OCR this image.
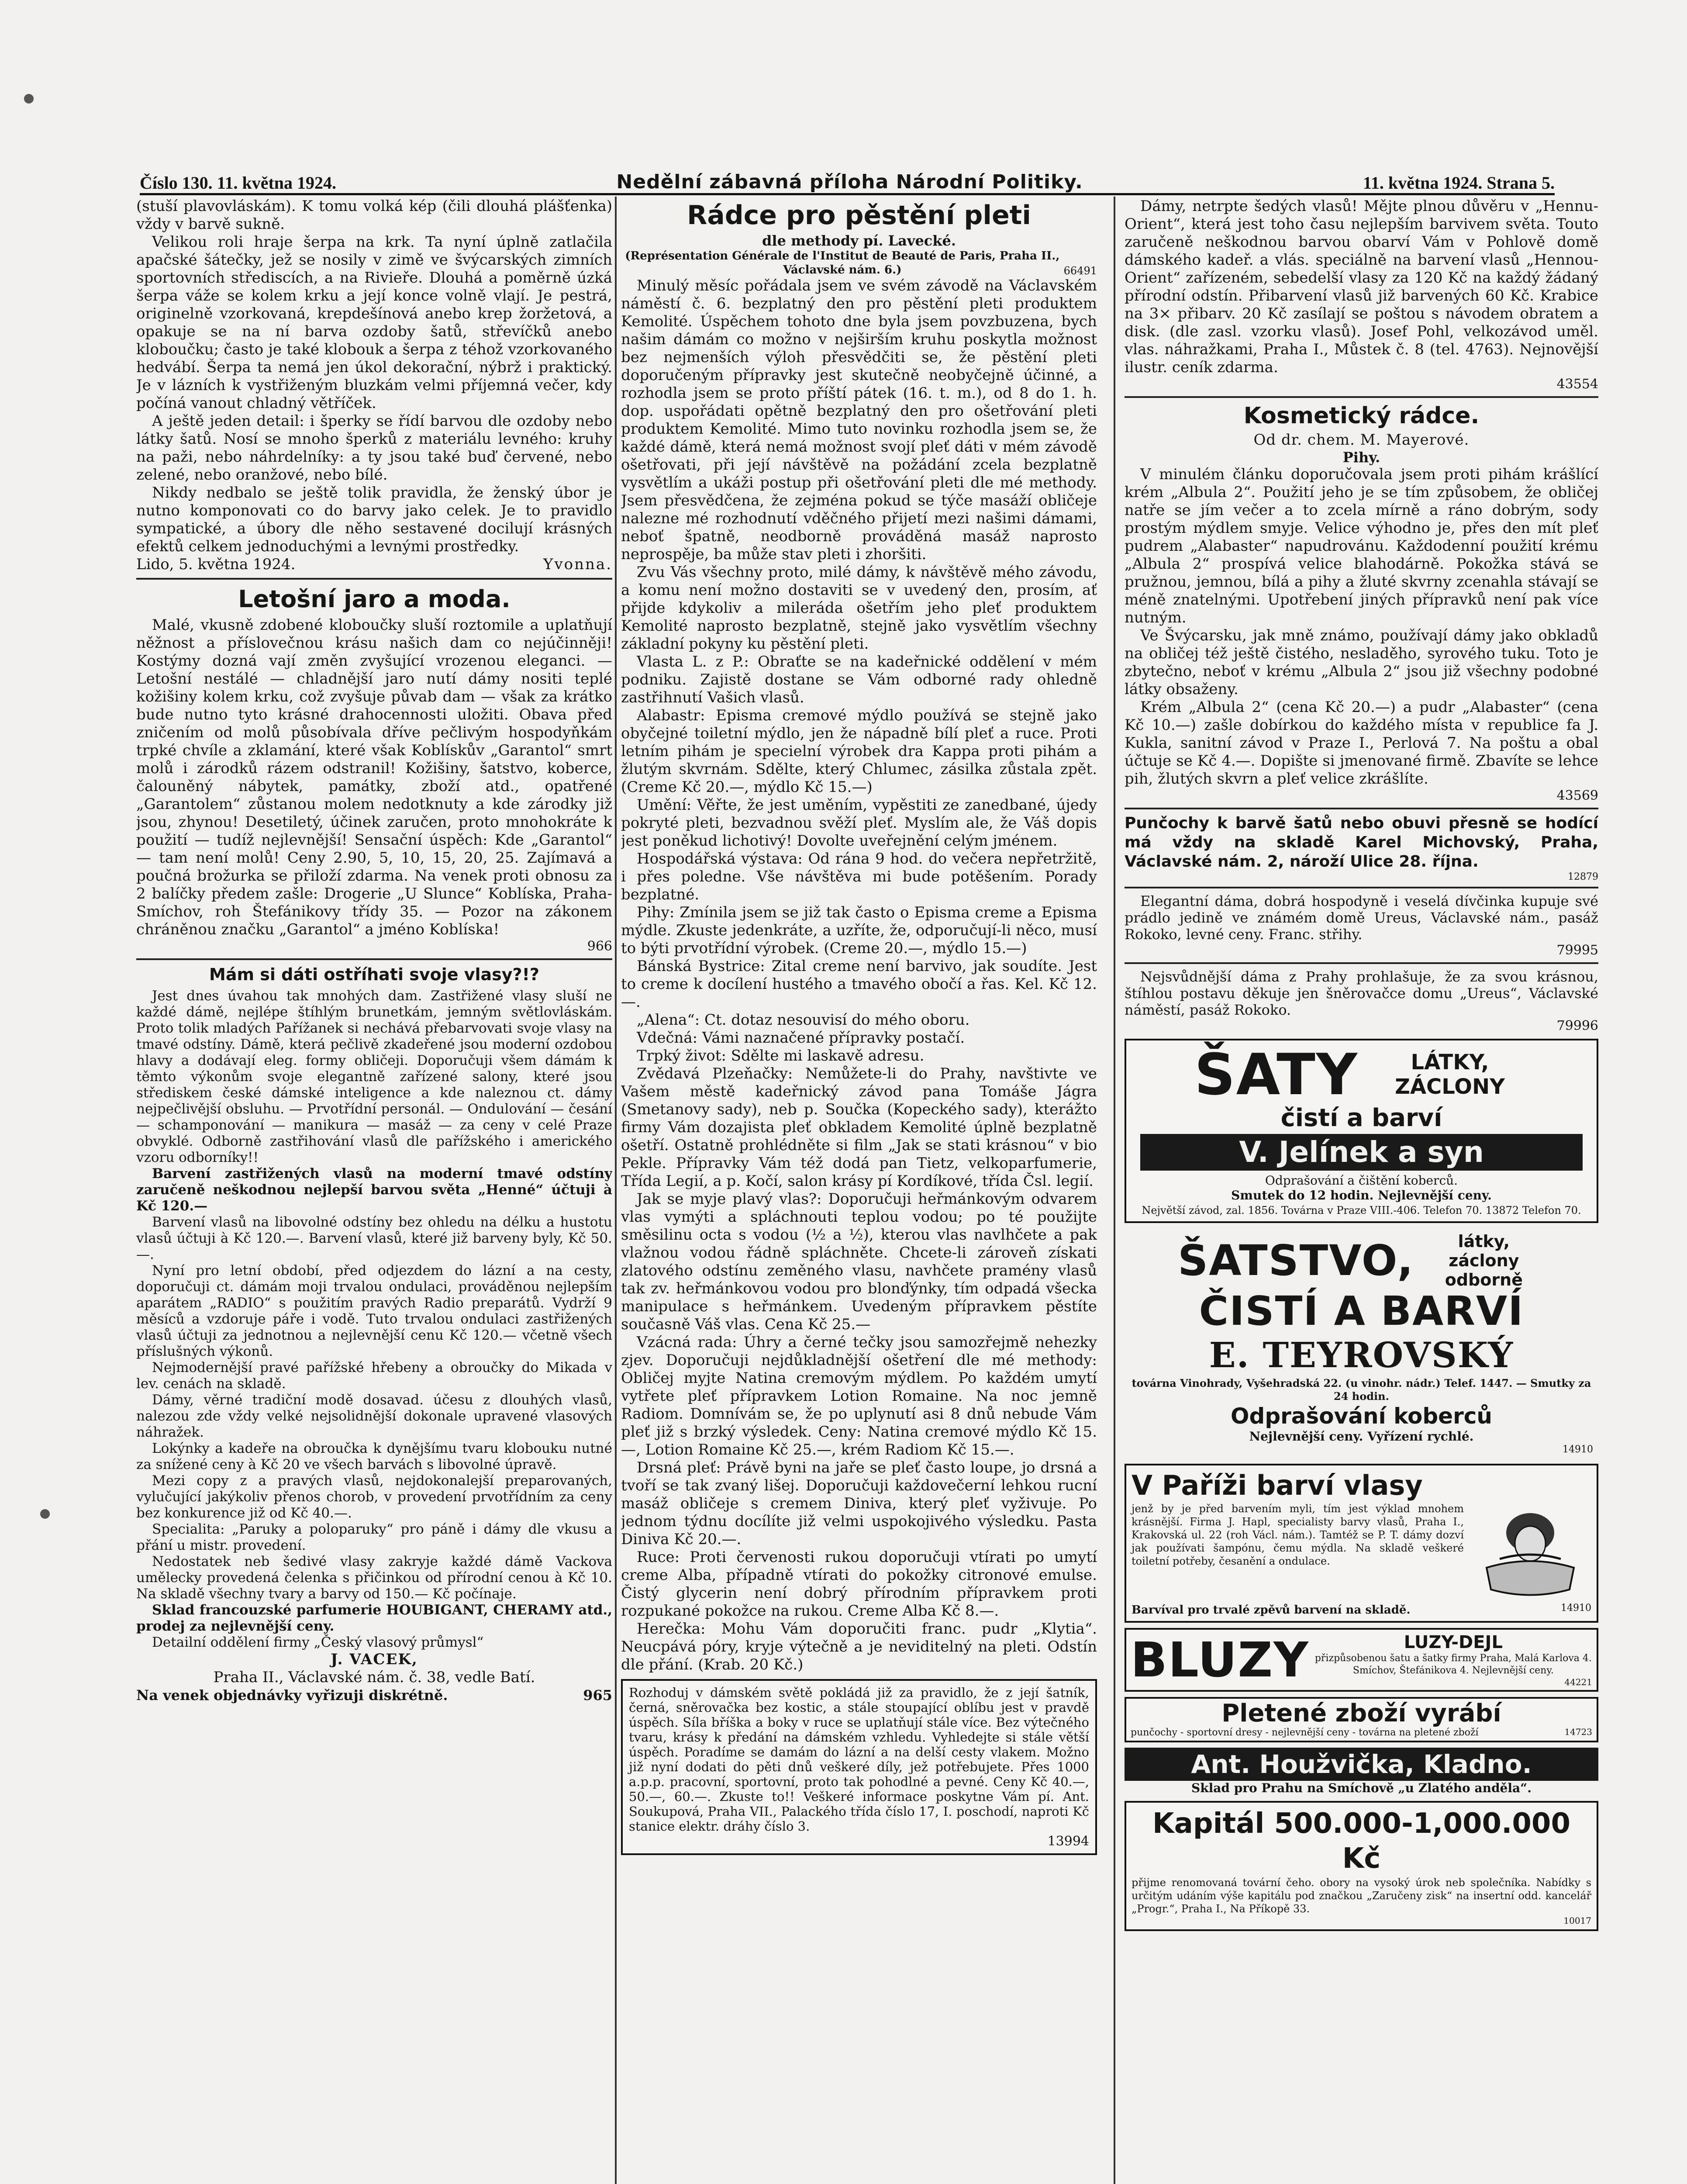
Číslo 130. 11. května 1924.	Nedělní zábavná příloha Národní Politiky.	11. května 1924. Strana 5.

(stuší plavovláskám). K tomu volká kép (čili dlouhá plášťenka) vždy v barvě sukně.

Velikou roli hraje šerpa na krk. Ta nyní úplně zatlačila apačské šátečky, jež se nosily v zimě ve švýcarských zimních sportovních střediscích, a na Rivieře. Dlouhá a poměrně úzká šerpa váže se kolem krku a její konce volně vlají. Je pestrá, originelně vzorkovaná, krepdešínová anebo krep žoržetová, a opakuje se na ní barva ozdoby šatů, střevíčků anebo kloboučku; často je také klobouk a šerpa z téhož vzorkovaného hedvábí. Šerpa ta nemá jen úkol dekorační, nýbrž i praktický. Je v lázních k vystřiženým bluzkám velmi příjemná večer, kdy počíná vanout chladný větříček.

A ještě jeden detail: i šperky se řídí barvou dle ozdoby nebo látky šatů. Nosí se mnoho šperků z materiálu levného: kruhy na paži, nebo náhrdelníky: a ty jsou také buď červené, nebo zelené, nebo oranžové, nebo bílé.

Nikdy nedbalo se ještě tolik pravidla, že ženský úbor je nutno komponovati co do barvy jako celek. Je to pravidlo sympatické, a úbory dle něho sestavené docilují krásných efektů celkem jednoduchými a levnými prostředky.

Lido, 5. května 1924.	Yvonna.
Letošní jaro a moda.

Malé, vkusně zdobené kloboučky sluší roztomile a uplatňují něžnost a příslovečnou krásu našich dam co nejúčinněji! Kostýmy dozná vají změn zvyšující vrozenou eleganci. — Letošní nestálé — chladnější jaro nutí dámy nositi teplé kožišiny kolem krku, což zvyšuje půvab dam — však za krátko bude nutno tyto krásné drahocennosti uložiti. Obava před zničením od molů působívala dříve pečlivým hospodyňkám trpké chvíle a zklamání, které však Koblískův „Garantol“ smrt molů i zárodků rázem odstranil! Kožišiny, šatstvo, koberce, čalouněný nábytek, památky, zboží atd., opatřené „Garantolem“ zůstanou molem nedotknuty a kde zárodky již jsou, zhynou! Desetiletý, účinek zaručen, proto mnohokráte k použití — tudíž nejlevnější! Sensační úspěch: Kde „Garantol“ — tam není molů! Ceny 2.90, 5, 10, 15, 20, 25. Zajímavá a poučná brožurka se přiloží zdarma. Na venek proti obnosu za 2 balíčky předem zašle: Drogerie „U Slunce“ Koblíska, Praha-Smíchov, roh Štefánikovy třídy 35. — Pozor na zákonem chráněnou značku „Garantol“ a jméno Koblíska!

966
Mám si dáti ostříhati svoje vlasy?!?

Jest dnes úvahou tak mnohých dam. Zastřižené vlasy sluší ne každé dámě, nejlépe štíhlým brunetkám, jemným světlovláskám. Proto tolik mladých Pařížanek si nechává přebarvovati svoje vlasy na tmavé odstíny. Dámě, která pečlivě zkadeřené jsou moderní ozdobou hlavy a dodávají eleg. formy obličeji. Doporučuji všem dámám k těmto výkonům svoje elegantně zařízené salony, které jsou střediskem české dámské inteligence a kde naleznou ct. dámy nejpečlivější obsluhu. — Prvotřídní personál. — Ondulování — česání — schamponování — manikura — masáž — za ceny v celé Praze obvyklé. Odborně zastřihování vlasů dle pařížského i amerického vzoru odborníky!!

Barvení zastřižených vlasů na moderní tmavé odstíny zaručeně neškodnou nejlepší barvou světa „Henné“ účtuji à Kč 120.—

Barvení vlasů na libovolné odstíny bez ohledu na délku a hustotu vlasů účtuji à Kč 120.—. Barvení vlasů, které již barveny byly, Kč 50.—.

Nyní pro letní období, před odjezdem do lázní a na cesty, doporučuji ct. dámám moji trvalou ondulaci, prováděnou nejlepším aparátem „RADIO“ s použitím pravých Radio preparátů. Vydrží 9 měsíců a vzdoruje páře i vodě. Tuto trvalou ondulaci zastřižených vlasů účtuji za jednotnou a nejlevnější cenu Kč 120.— včetně všech příslušných výkonů.

Nejmodernější pravé pařížské hřebeny a obroučky do Mikada v lev. cenách na skladě.

Dámy, věrné tradiční modě dosavad. účesu z dlouhých vlasů, nalezou zde vždy velké nejsolidnější dokonale upravené vlasových náhražek.

Lokýnky a kadeře na obroučka k dynějšímu tvaru klobouku nutné za snížené ceny à Kč 20 ve všech barvách s libovolné úpravě.

Mezi copy z a pravých vlasů, nejdokonalejší preparovaných, vylučující jakýkoliv přenos chorob, v provedení prvotřídním za ceny bez konkurence již od Kč 40.—.

Specialita: „Paruky a poloparuky“ pro páně i dámy dle vkusu a přání u mistr. provedení.

Nedostatek neb šedivé vlasy zakryje každé dámě Vackova umělecky provedená čelenka s přičinkou od přírodní cenou à Kč 10. Na skladě všechny tvary a barvy od 150.— Kč počínaje.

Sklad francouzské parfumerie HOUBIGANT, CHERAMY atd., prodej za nejlevnější ceny.

Detailní oddělení firmy „Český vlasový průmysl“

J. VACEK,
Praha II., Václavské nám. č. 38, vedle Batí.
Na venek objednávky vyřizuji diskrétně.	965
Rádce pro pěstění pleti
dle methody pí. Lavecké.
(Représentation Générale de l'Institut de Beauté de Paris, Praha II., Václavské nám. 6.)	66491

Minulý měsíc pořádala jsem ve svém závodě na Václavském náměstí č. 6. bezplatný den pro pěstění pleti produktem Kemolité. Úspěchem tohoto dne byla jsem povzbuzena, bych našim dámám co možno v nejširším kruhu poskytla možnost bez nejmenších výloh přesvědčiti se, že pěstění pleti doporučeným přípravky jest skutečně neobyčejně účinné, a rozhodla jsem se proto příští pátek (16. t. m.), od 8 do 1. h. dop. uspořádati opětně bezplatný den pro ošetřování pleti produktem Kemolité. Mimo tuto novinku rozhodla jsem se, že každé dámě, která nemá možnost svojí pleť dáti v mém závodě ošetřovati, při její návštěvě na požádání zcela bezplatně vysvětlím a ukáži postup při ošetřování pleti dle mé methody. Jsem přesvědčena, že zejména pokud se týče masáží obličeje nalezne mé rozhodnutí vděčného přijetí mezi našimi dámami, neboť špatně, neodborně prováděná masáž naprosto neprospěje, ba může stav pleti i zhoršiti.

Zvu Vás všechny proto, milé dámy, k návštěvě mého závodu, a komu není možno dostaviti se v uvedený den, prosím, ať přijde kdykoliv a milerádа ošetřím jeho pleť produktem Kemolité naprosto bezplatně, stejně jako vysvětlím všechny základní pokyny ku pěstění pleti.

Vlasta L. z P.: Obraťte se na kadeřnické oddělení v mém podniku. Zajistě dostane se Vám odborné rady ohledně zastřihnutí Vašich vlasů.

Alabastr: Episma cremové mýdlo používá se stejně jako obyčejné toiletní mýdlo, jen že nápadně bílí pleť a ruce. Proti letním pihám je specielní výrobek dra Kappa proti pihám a žlutým skvrnám. Sdělte, který Chlumec, zásilka zůstala zpět. (Creme Kč 20.—, mýdlo Kč 15.—)

Umění: Věřte, že jest uměním, vypěstiti ze zanedbané, újedy pokryté pleti, bezvadnou svěží pleť. Myslím ale, že Váš dopis jest poněkud lichotivý! Dovolte uveřejnění celým jménem.

Hospodářská výstava: Od rána 9 hod. do večera nepřetržitě, i přes poledne. Vše návštěva mi bude potěšením. Porady bezplatné.

Pihy: Zmínila jsem se již tak často o Episma creme a Episma mýdle. Zkuste jedenkráte, a uzříte, že, odporučují-li něco, musí to býti prvotřídní výrobek. (Creme 20.—, mýdlo 15.—)

Bánská Bystrice: Zital creme není barvivo, jak soudíte. Jest to creme k docílení hustého a tmavého obočí a řas. Kel. Kč 12.—.

„Alena“: Ct. dotaz nesouvisí do mého oboru.

Vdečná: Vámi naznačené přípravky postačí.

Trpký život: Sdělte mi laskavě adresu.

Zvědavá Plzeňačky: Nemůžete-li do Prahy, navštivte ve Vašem městě kadeřnický závod pana Tomáše Jágra (Smetanovy sady), neb p. Součka (Kopeckého sady), kterážto firmy Vám dozajista pleť obkladem Kemolité úplně bezplatně ošetří. Ostatně prohlédněte si film „Jak se stati krásnou“ v bio Pekle. Přípravky Vám též dodá pan Tietz, velkoparfumerie, Třída Legií, a p. Kočí, salon krásy pí Kordíkové, třída Čsl. legií.

Jak se myje plavý vlas?: Doporučuji heřmánkovým odvarem vlas vymýti a spláchnouti teplou vodou; po té použijte směsilinu octa s vodou (½ a ½), kterou vlas navlhčete a pak vlažnou vodou řádně spláchněte. Chcete-li zároveň získati zlatového odstínu zeměného vlasu, navhčete pramény vlasů tak zv. heřmánkovou vodou pro blonďýnky, tím odpadá všecka manipulace s heřmánkem. Uvedeným přípravkem pěstíte současně Váš vlas. Cena Kč 25.—

Vzácná rada: Úhry a černé tečky jsou samozřejmě nehezky zjev. Doporučuji nejdůkladnější ošetření dle mé methody: Obličej myjte Natina cremovým mýdlem. Po každém umytí vytřete pleť přípravkem Lotion Romaine. Na noc jemně Radiom. Domnívám se, že po uplynutí asi 8 dnů nebude Vám pleť již s brzký výsledek. Ceny: Natina cremové mýdlo Kč 15.—, Lotion Romaine Kč 25.—, krém Radiom Kč 15.—.

Drsná pleť: Právě byni na jaře se pleť často loupe, jo drsná a tvoří se tak zvaný lišej. Doporučuji každovečerní lehkou rucní masáž obličeje s cremem Diniva, který pleť vyživuje. Po jednom týdnu docílíte již velmi uspokojivého výsledku. Pasta Diniva Kč 20.—.

Ruce: Proti červenosti rukou doporučuji vtírati po umytí creme Alba, případně vtírati do pokožky citronové emulse. Čistý glycerin není dobrý přírodním přípravkem proti rozpukané pokožce na rukou. Creme Alba Kč 8.—.

Herečka: Mohu Vám doporučiti franc. pudr „Klytia“. Neucpává póry, kryje výtečně a je neviditelný na pleti. Odstín dle přání. (Krab. 20 Kč.)

Rozhoduj v dámském světě pokládá již za pravidlo, že z její šatník, černá, sněrovačka bez kostic, a stále stoupající oblíbu jest v pravdě úspěch. Síla bříška a boky v ruce se uplatňují stále více. Bez výtečného tvaru, krásy k předání na dámském vzhledu. Vyhledejte si stále větší úspěch. Poradíme se damám do lázní a na delší cesty vlakem. Možno již nyní dodati do pěti dnů veškeré díly, jež potřebujete. Přes 1000 a.p.p. pracovní, sportovní, proto tak pohodlné a pevné. Ceny Kč 40.—, 50.—, 60.—. Zkuste to!! Veškeré informace poskytne Vám pí. Ant. Soukupová, Praha VII., Palackého třída číslo 17, I. poschodí, naproti Kč stanice elektr. dráhy číslo 3.

13994

Dámy, netrpte šedých vlasů! Mějte plnou důvěru v „Hennu-Orient“, která jest toho času nejlepším barvivem světa. Touto zaručeně neškodnou barvou obarví Vám v Pohlově domě dámského kadeř. a vlás. speciálně na barvení vlasů „Hennou-Orient“ zařízeném, sebedelší vlasy za 120 Kč na každý žádaný přírodní odstín. Přibarvení vlasů již barvených 60 Kč. Krabice na 3× přibarv. 20 Kč zasílají se poštou s návodem obratem a disk. (dle zasl. vzorku vlasů). Josef Pohl, velkozávod uměl. vlas. náhražkami, Praha I., Můstek č. 8 (tel. 4763). Nejnovější ilustr. ceník zdarma.

43554
Kosmetický rádce.
Od dr. chem. M. Mayerové.
Pihy.

V minulém článku doporučovala jsem proti pihám krášlící krém „Albula 2“. Použití jeho je se tím způsobem, že obličej natře se jím večer a to zcela mírně a ráno dobrým, sody prostým mýdlem smyje. Velice výhodno je, přes den mít pleť pudrem „Alabaster“ napudrovánu. Každodenní použití krému „Albula 2“ prospívá velice blahodárně. Pokožka stává se pružnou, jemnou, bílá a pihy a žluté skvrny zcenahla stávají se méně znatelnými. Upotřebení jiných přípravků není pak více nutným.

Ve Švýcarsku, jak mně známo, používají dámy jako obkladů na obličej též ještě čistého, nesladěho, syrového tuku. Toto je zbytečno, neboť v krému „Albula 2“ jsou již všechny podobné látky obsaženy.

Krém „Albula 2“ (cena Kč 20.—) a pudr „Alabaster“ (cena Kč 10.—) zašle dobírkou do každého místa v republice fa J. Kukla, sanitní závod v Praze I., Perlová 7. Na poštu a obal účtuje se Kč 4.—. Dopište si jmenované firmě. Zbavíte se lehce pih, žlutých skvrn a pleť velice zkrášlíte.

43569

Punčochy k barvě šatů nebo obuvi přesně se hodící má vždy na skladě Karel Michovský, Praha, Václavské nám. 2, nároží Ulice 28. října.

12879

Elegantní dáma, dobrá hospodyně i veselá dívčinka kupuje své prádlo jedině ve známém domě Ureus, Václavské nám., pasáž Rokoko, levné ceny. Franc. střihy.

79995

Nejsvůdnější dáma z Prahy prohlašuje, že za svou krásnou, štíhlou postavu děkuje jen šněrovačce domu „Ureus“, Václavské náměstí, pasáž Rokoko.

79996
ŠATY	LÁTKY, ZÁCLONY
čistí a barví
V. Jelínek a syn
Odprašování a čištění koberců.
Smutek do 12 hodin. Nejlevnější ceny.
Největší závod, zal. 1856. Továrna v Praze VIII.-406. Telefon 70. 13872 Telefon 70.
ŠATSTVO,	látky, záclony odborně
ČISTÍ A BARVÍ
E. TEYROVSKÝ
továrna Vinohrady, Vyšehradská 22. (u vinohr. nádr.) Telef. 1447. — Smutky za 24 hodin.
Odprašování koberců
Nejlevnější ceny. Vyřízení rychlé.
14910
V Paříži barví vlasy

jenž by je před barvením myli, tím jest výklad mnohem krásnější. Firma J. Hapl, specialisty barvy vlasů, Praha I., Krakovská ul. 22 (roh Václ. nám.). Tamtéž se P. T. dámy dozví jak používati šampónu, čemu mýdla. Na skladě veškeré toiletní potřeby, česanění a ondulace.

Barvíval pro trvalé zpěvů barvení na skladě.	14910
BLUZY	LUZY-DEJL
přizpůsobenou šatu a šatky firmy Praha, Malá Karlova 4. Smíchov, Štefánikova 4. Nejlevnější ceny.
44221
Pletené zboží vyrábí
punčochy - sportovní dresy - nejlevnější ceny - továrna na pletené zboží	14723
Ant. Houžvička, Kladno.
Sklad pro Prahu na Smíchově „u Zlatého anděla“.
Kapitál 500.000-1,000.000 Kč

přijme renomovaná tovární čeho. obory na vysoký úrok neb společníka. Nabídky s určitým udáním výše kapitálu pod značkou „Zaručeny zisk“ na insertní odd. kancelář „Progr.“, Praha I., Na Příkopě 33.

10017
